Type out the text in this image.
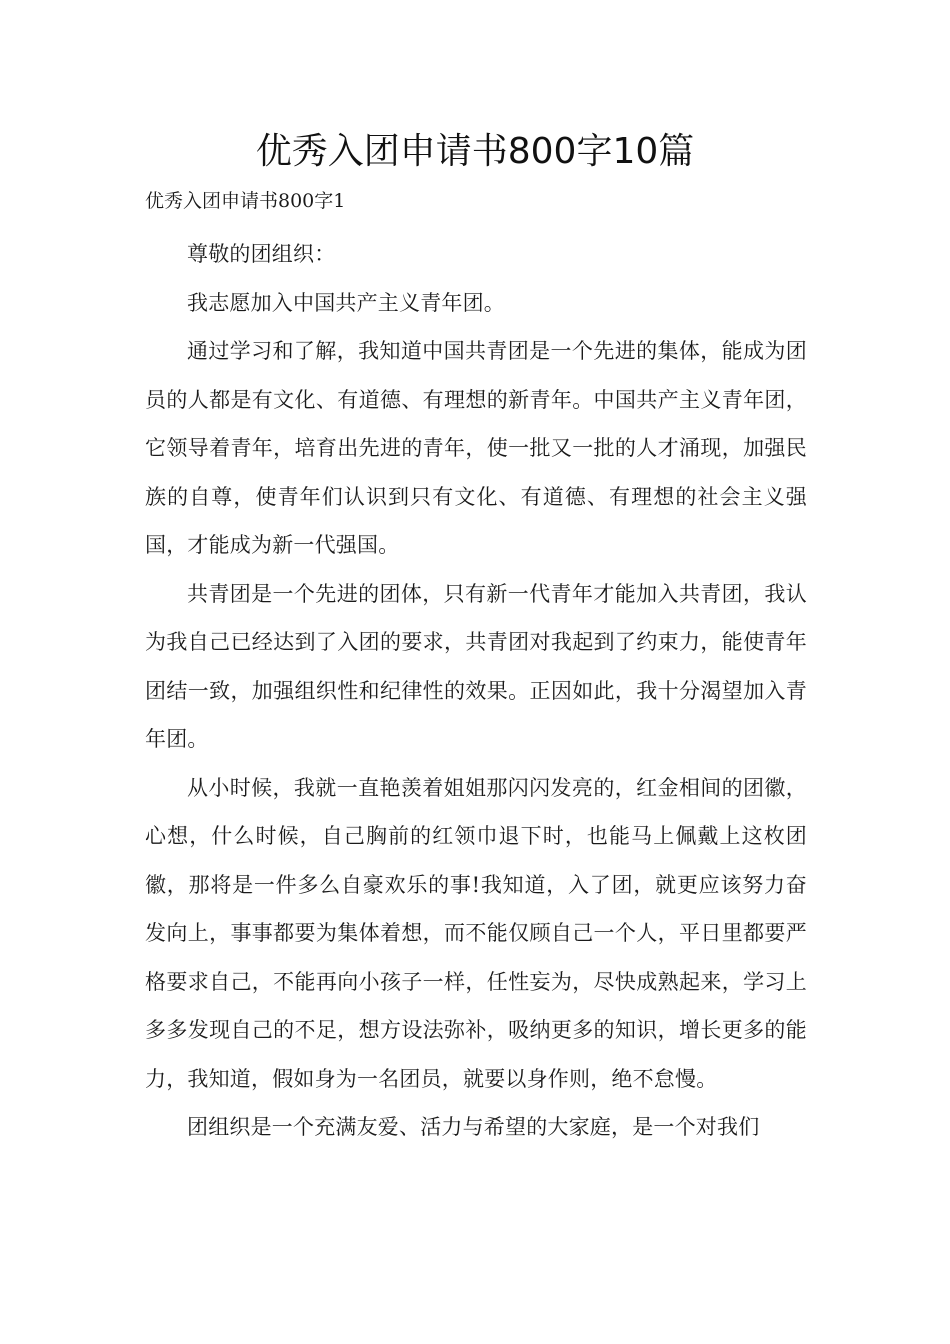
优秀入团申请书800字10篇
优秀入团申请书800字1

尊敬的团组织：

我志愿加入中国共产主义青年团。

通过学习和了解，我知道中国共青团是一个先进的集体，能成为团员的人都是有文化、有道德、有理想的新青年。中国共产主义青年团，它领导着青年，培育出先进的青年，使一批又一批的人才涌现，加强民族的自尊，使青年们认识到只有文化、有道德、有理想的社会主义强国，才能成为新一代强国。

共青团是一个先进的团体，只有新一代青年才能加入共青团，我认为我自己已经达到了入团的要求，共青团对我起到了约束力，能使青年团结一致，加强组织性和纪律性的效果。正因如此，我十分渴望加入青年团。

从小时候，我就一直艳羡着姐姐那闪闪发亮的，红金相间的团徽，心想，什么时候，自己胸前的红领巾退下时，也能马上佩戴上这枚团徽，那将是一件多么自豪欢乐的事!我知道，入了团，就更应该努力奋发向上，事事都要为集体着想，而不能仅顾自己一个人，平日里都要严格要求自己，不能再向小孩子一样，任性妄为，尽快成熟起来，学习上多多发现自己的不足，想方设法弥补，吸纳更多的知识，增长更多的能力，我知道，假如身为一名团员，就要以身作则，绝不怠慢。

团组织是一个充满友爱、活力与希望的大家庭，是一个对我们
